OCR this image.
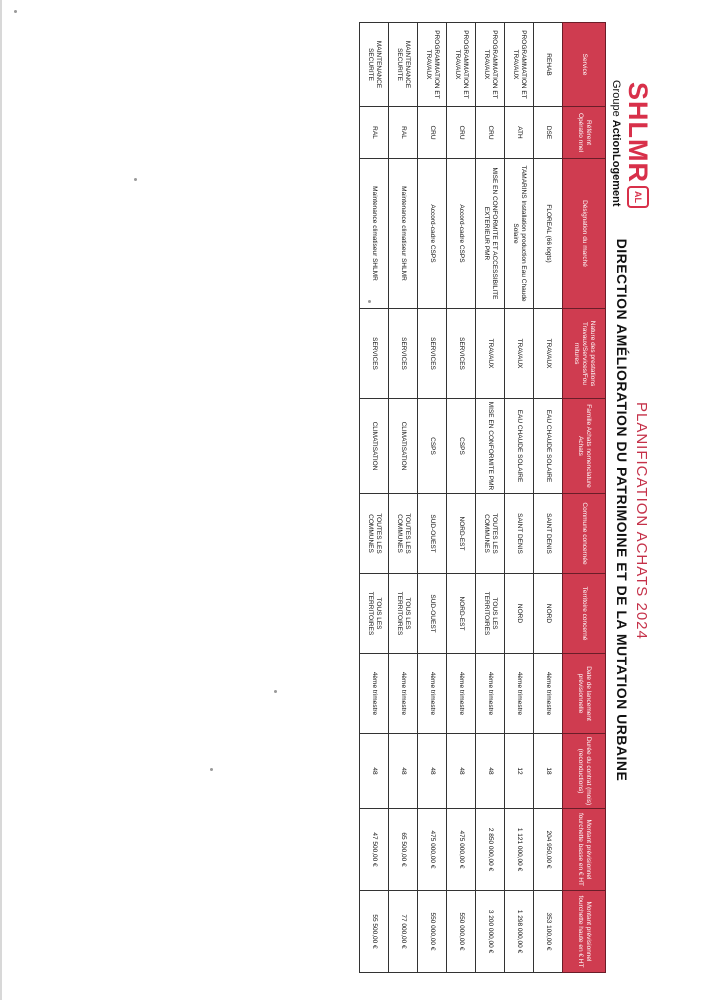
SHLMR
AL
Groupe ActionLogement
PLANIFICATION ACHATS 2024
DIRECTION AMÉLIORATION DU PATRIMOINE ET DE LA MUTATION URBAINE
Service	Référent Opératio nnel	Désignation du marché	Nature des prestations Travaux/Services/Fou rnitures	Famille Achats nomenclature Achats	Commune concernée	Territoire concerné	Date de lancement prévisionnelle	Durée du contrat (mois) (reconductions)	Montant prévisionnel fourchette basse en € HT	Montant prévisionnel fourchette haute en € HT
REHAB	DSE	FLOREAL (66 logts)	TRAVAUX	EAU CHAUDE SOLAIRE	SAINT DENIS	NORD	4ème trimestre	18	204 950,00 €	353 100,00 €
PROGRAMMATION ET TRAVAUX	ATH	TAMARINS Installation production Eau Chaude Solaire	TRAVAUX	EAU CHAUDE SOLAIRE	SAINT DENIS	NORD	4ème trimestre	12	1 121 000,00 €	1 298 000,00 €
PROGRAMMATION ET TRAVAUX	CRU	MISE EN CONFORMITE ET ACCESSIBILITE EXTERIEUR PMR	TRAVAUX	MISE EN CONFORMITE PMR	TOUTES LES COMMUNES	TOUS LES TERRITOIRES	4ème trimestre	48	2 850 000,00 €	3 200 000,00 €
PROGRAMMATION ET TRAVAUX	CRU	Accord-cadre CSPS	SERVICES	CSPS	NORD-EST	NORD-EST	4ème trimestre	48	475 000,00 €	550 000,00 €
PROGRAMMATION ET TRAVAUX	CRU	Accord-cadre CSPS	SERVICES	CSPS	SUD-OUEST	SUD-OUEST	4ème trimestre	48	475 000,00 €	550 000,00 €
MAINTENANCE SECURITE	RAL	Maintenance climatiseur SHLMR	SERVICES	CLIMATISATION	TOUTES LES COMMUNES	TOUS LES TERRITOIRES	4ème trimestre	48	65 500,00 €	77 000,00 €
MAINTENANCE SECURITE	RAL	Maintenance climatiseur SHLMR	SERVICES	CLIMATISATION	TOUTES LES COMMUNES	TOUS LES TERRITOIRES	4ème trimestre	48	47 500,00 €	55 500,00 €
